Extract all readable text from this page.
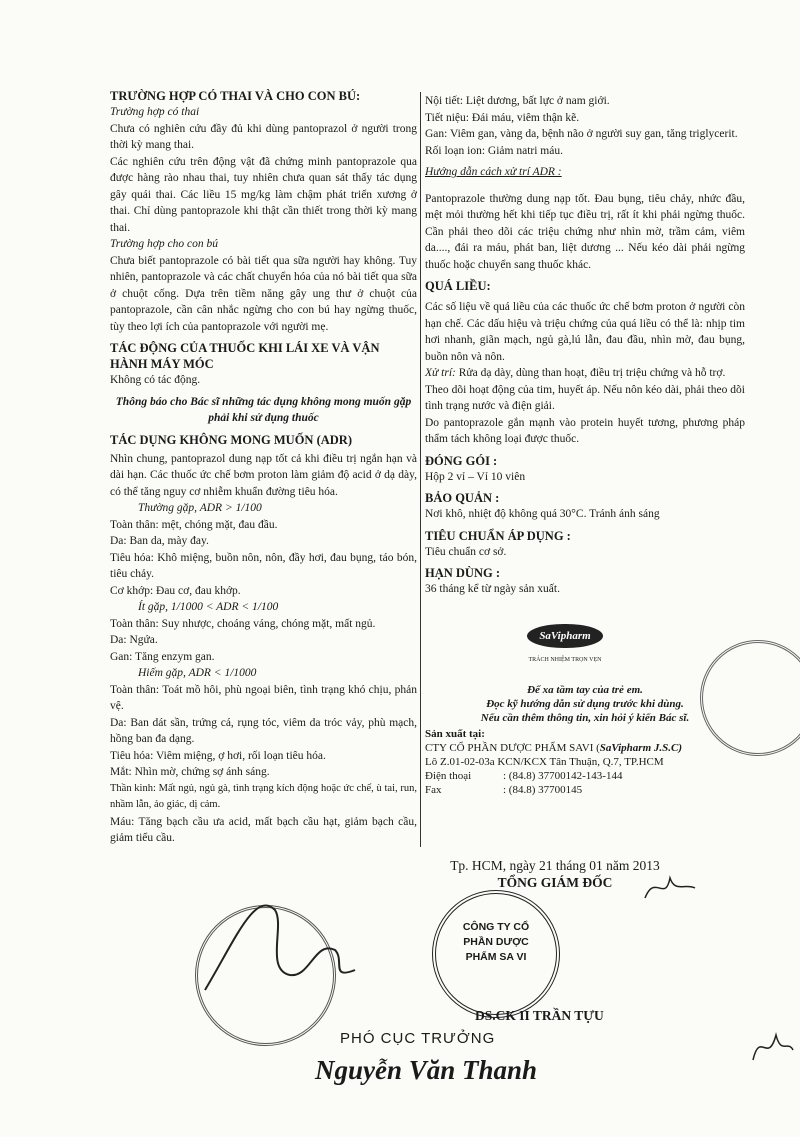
TRƯỜNG HỢP CÓ THAI VÀ CHO CON BÚ:

Trường hợp có thai

Chưa có nghiên cứu đầy đủ khi dùng pantoprazol ở người trong thời kỳ mang thai.

Các nghiên cứu trên động vật đã chứng minh pantoprazole qua được hàng rào nhau thai, tuy nhiên chưa quan sát thấy tác dụng gây quái thai. Các liều 15 mg/kg làm chậm phát triển xương ở thai. Chỉ dùng pantoprazole khi thật cần thiết trong thời kỳ mang thai.

Trường hợp cho con bú

Chưa biết pantoprazole có bài tiết qua sữa người hay không. Tuy nhiên, pantoprazole và các chất chuyển hóa của nó bài tiết qua sữa ở chuột cống. Dựa trên tiềm năng gây ung thư ở chuột của pantoprazole, cần cân nhắc ngừng cho con bú hay ngừng thuốc, tùy theo lợi ích của pantoprazole với người mẹ.

TÁC ĐỘNG CỦA THUỐC KHI LÁI XE VÀ VẬN HÀNH MÁY MÓC

Không có tác động.

Thông báo cho Bác sĩ những tác dụng không mong muốn gặp phải khi sử dụng thuốc

TÁC DỤNG KHÔNG MONG MUỐN (ADR)

Nhìn chung, pantoprazol dung nạp tốt cả khi điều trị ngắn hạn và dài hạn. Các thuốc ức chế bơm proton làm giảm độ acid ở dạ dày, có thể tăng nguy cơ nhiễm khuẩn đường tiêu hóa.

Thường gặp, ADR > 1/100

Toàn thân: mệt, chóng mặt, đau đầu.

Da: Ban da, mày đay.

Tiêu hóa: Khô miệng, buồn nôn, nôn, đầy hơi, đau bụng, táo bón, tiêu chảy.

Cơ khớp: Đau cơ, đau khớp.

Ít gặp, 1/1000 < ADR < 1/100

Toàn thân: Suy nhược, choáng váng, chóng mặt, mất ngủ.

Da: Ngứa.

Gan: Tăng enzym gan.

Hiếm gặp, ADR < 1/1000

Toàn thân: Toát mồ hôi, phù ngoại biên, tình trạng khó chịu, phản vệ.

Da: Ban dát sần, trứng cá, rụng tóc, viêm da tróc vảy, phù mạch, hồng ban đa dạng.

Tiêu hóa: Viêm miệng, ợ hơi, rối loạn tiêu hóa.

Mắt: Nhìn mờ, chứng sợ ánh sáng.

Thần kinh: Mất ngủ, ngủ gà, tình trạng kích động hoặc ức chế, ù tai, run, nhầm lẫn, ảo giác, dị cảm.

Máu: Tăng bạch cầu ưa acid, mất bạch cầu hạt, giảm bạch cầu, giảm tiểu cầu.

Nội tiết: Liệt dương, bất lực ở nam giới.

Tiết niệu: Đái máu, viêm thận kẽ.

Gan: Viêm gan, vàng da, bệnh não ở người suy gan, tăng triglycerit.

Rối loạn ion: Giảm natri máu.

Hướng dẫn cách xử trí ADR :

Pantoprazole thường dung nạp tốt. Đau bụng, tiêu chảy, nhức đầu, mệt mỏi thường hết khi tiếp tục điều trị, rất ít khi phải ngừng thuốc. Cần phải theo dõi các triệu chứng như nhìn mờ, trầm cảm, viêm da...., đái ra máu, phát ban, liệt dương ... Nếu kéo dài phải ngừng thuốc hoặc chuyển sang thuốc khác.

QUÁ LIỀU:

Các số liệu về quá liều của các thuốc ức chế bơm proton ở người còn hạn chế. Các dấu hiệu và triệu chứng của quá liều có thể là: nhịp tim hơi nhanh, giãn mạch, ngủ gà,lú lẫn, đau đầu, nhìn mờ, đau bụng, buồn nôn và nôn.

Xử trí: Rửa dạ dày, dùng than hoạt, điều trị triệu chứng và hỗ trợ.

Theo dõi hoạt động của tim, huyết áp. Nếu nôn kéo dài, phải theo dõi tình trạng nước và điện giải.

Do pantoprazole gắn mạnh vào protein huyết tương, phương pháp thẩm tách không loại được thuốc.

ĐÓNG GÓI :

Hộp 2 vỉ – Vỉ 10 viên

BẢO QUẢN :

Nơi khô, nhiệt độ không quá 30°C. Tránh ánh sáng

TIÊU CHUẨN ÁP DỤNG :

Tiêu chuẩn cơ sở.

HẠN DÙNG :

36 tháng kể từ ngày sản xuất.

SaVipharm
TRÁCH NHIỆM TRỌN VẸN
Để xa tầm tay của trẻ em.
Đọc kỹ hướng dẫn sử dụng trước khi dùng.
Nếu cần thêm thông tin, xin hỏi ý kiến Bác sĩ.
Sản xuất tại:
CTY CỔ PHẦN DƯỢC PHẨM SAVI (SaVipharm J.S.C)
Lô Z.01-02-03a KCN/KCX Tân Thuận, Q.7, TP.HCM
Điện thoại	: (84.8) 37700142-143-144
Fax	: (84.8) 37700145
Tp. HCM, ngày 21 tháng 01 năm 2013
TỔNG GIÁM ĐỐC
CÔNG TY CỔ PHẦN DƯỢC PHẨM SA VI
DS.CK II TRẦN TỰU
PHÓ CỤC TRƯỞNG
Nguyễn Văn Thanh
